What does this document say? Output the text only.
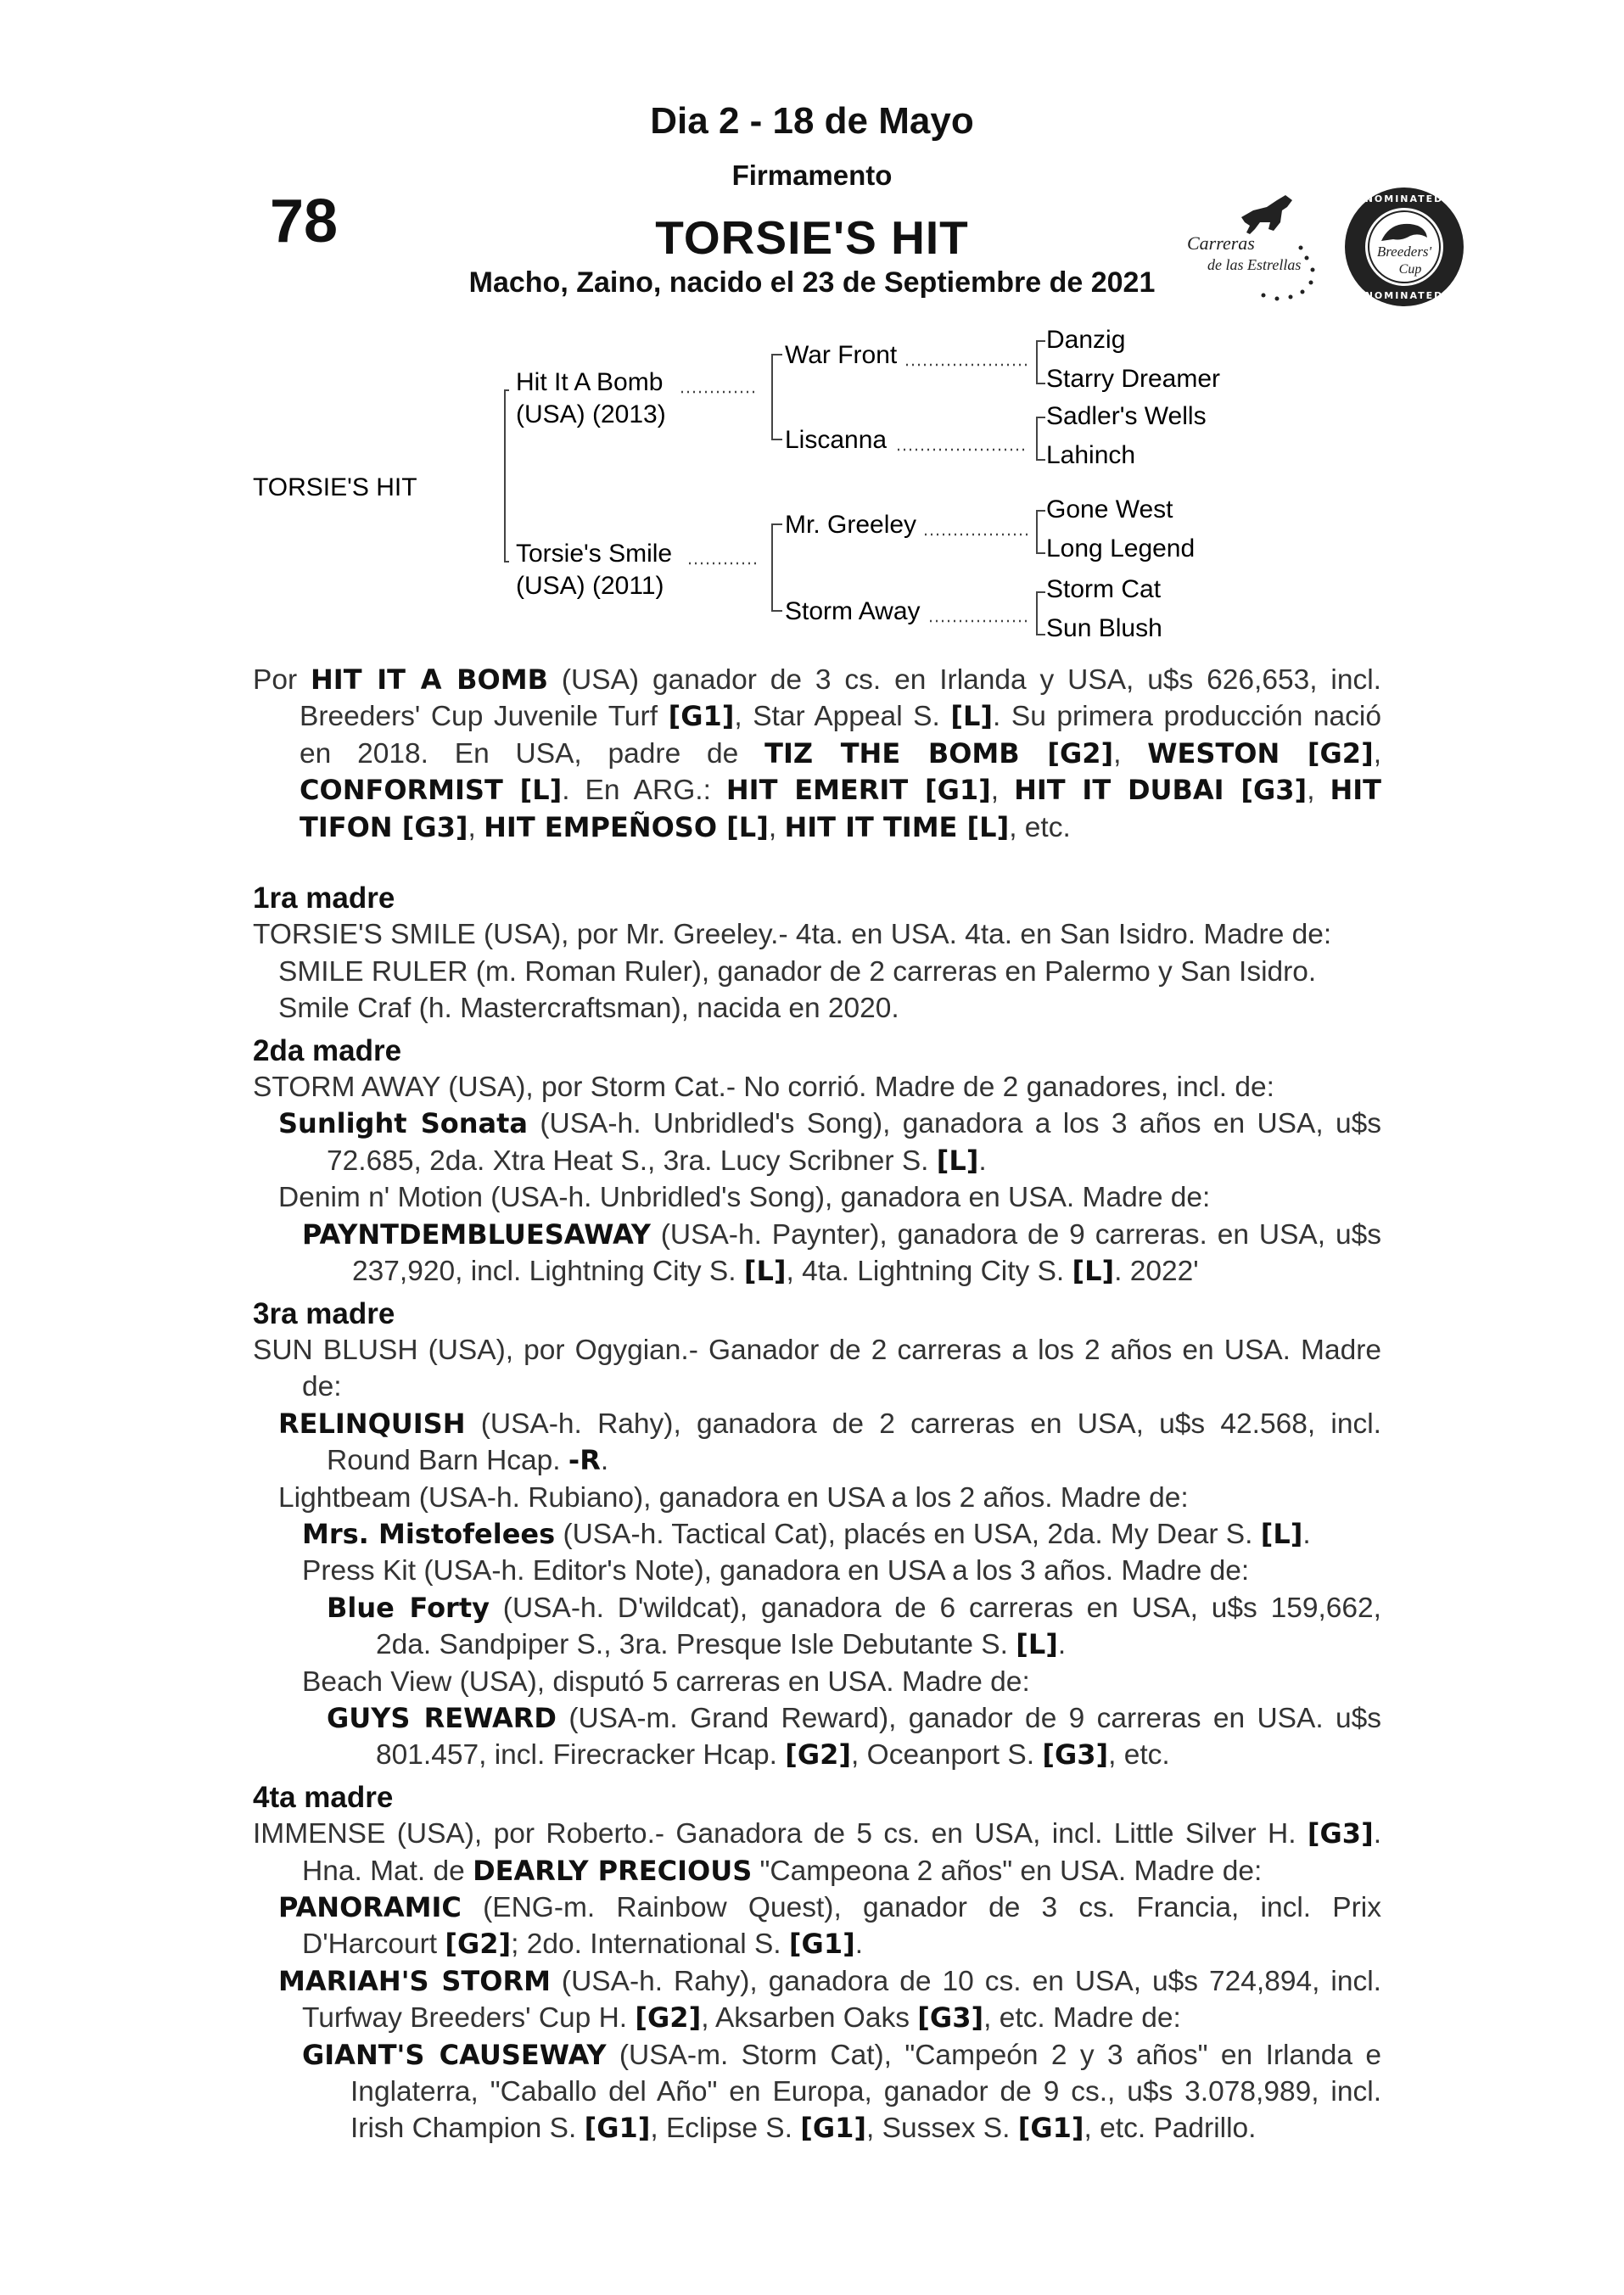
Dia 2 - 18 de Mayo
78
Firmamento
TORSIE'S HIT
Macho, Zaino, nacido el 23 de Septiembre de 2021
Carreras
de las Estrellas
Breeders'
Cup
NOMINATED
NOMINATED
TORSIE'S HIT
Hit It A Bomb
(USA) (2013)
Torsie's Smile
(USA) (2011)
War Front
Liscanna
Mr. Greeley
Storm Away
Danzig
Starry Dreamer
Sadler's Wells
Lahinch
Gone West
Long Legend
Storm Cat
Sun Blush

Por HIT IT A BOMB (USA) ganador de 3 cs. en Irlanda y USA, u$s 626,653, incl. Breeders' Cup Juvenile Turf [G1], Star Appeal S. [L]. Su primera producción nació en 2018. En USA, padre de TIZ THE BOMB [G2], WESTON [G2], CONFORMIST [L]. En ARG.: HIT EMERIT [G1], HIT IT DUBAI [G3], HIT TIFON [G3], HIT EMPEÑOSO [L], HIT IT TIME [L], etc.

1ra madre

TORSIE'S SMILE (USA), por Mr. Greeley.- 4ta. en USA. 4ta. en San Isidro. Madre de:

SMILE RULER (m. Roman Ruler), ganador de 2 carreras en Palermo y San Isidro.

Smile Craf (h. Mastercraftsman), nacida en 2020.

2da madre

STORM AWAY (USA), por Storm Cat.- No corrió. Madre de 2 ganadores, incl. de:

Sunlight Sonata (USA-h. Unbridled's Song), ganadora a los 3 años en USA, u$s 72.685, 2da. Xtra Heat S., 3ra. Lucy Scribner S. [L].

Denim n' Motion (USA-h. Unbridled's Song), ganadora en USA. Madre de:

PAYNTDEMBLUESAWAY (USA-h. Paynter), ganadora de 9 carreras. en USA, u$s 237,920, incl. Lightning City S. [L], 4ta. Lightning City S. [L]. 2022'

3ra madre

SUN BLUSH (USA), por Ogygian.- Ganador de 2 carreras a los 2 años en USA. Madre de:

RELINQUISH (USA-h. Rahy), ganadora de 2 carreras en USA, u$s 42.568, incl. Round Barn Hcap. -R.

Lightbeam (USA-h. Rubiano), ganadora en USA a los 2 años. Madre de:

Mrs. Mistofelees (USA-h. Tactical Cat), placés en USA, 2da. My Dear S. [L].

Press Kit (USA-h. Editor's Note), ganadora en USA a los 3 años. Madre de:

Blue Forty (USA-h. D'wildcat), ganadora de 6 carreras en USA, u$s 159,662, 2da. Sandpiper S., 3ra. Presque Isle Debutante S. [L].

Beach View (USA), disputó 5 carreras en USA. Madre de:

GUYS REWARD (USA-m. Grand Reward), ganador de 9 carreras en USA. u$s 801.457, incl. Firecracker Hcap. [G2], Oceanport S. [G3], etc.

4ta madre

IMMENSE (USA), por Roberto.- Ganadora de 5 cs. en USA, incl. Little Silver H. [G3]. Hna. Mat. de DEARLY PRECIOUS "Campeona 2 años" en USA. Madre de:

PANORAMIC (ENG-m. Rainbow Quest), ganador de 3 cs. Francia, incl. Prix D'Harcourt [G2]; 2do. International S. [G1].

MARIAH'S STORM (USA-h. Rahy), ganadora de 10 cs. en USA, u$s 724,894, incl. Turfway Breeders' Cup H. [G2], Aksarben Oaks [G3], etc. Madre de:

GIANT'S CAUSEWAY (USA-m. Storm Cat), "Campeón 2 y 3 años" en Irlanda e Inglaterra, "Caballo del Año" en Europa, ganador de 9 cs., u$s 3.078,989, incl. Irish Champion S. [G1], Eclipse S. [G1], Sussex S. [G1], etc. Padrillo.
